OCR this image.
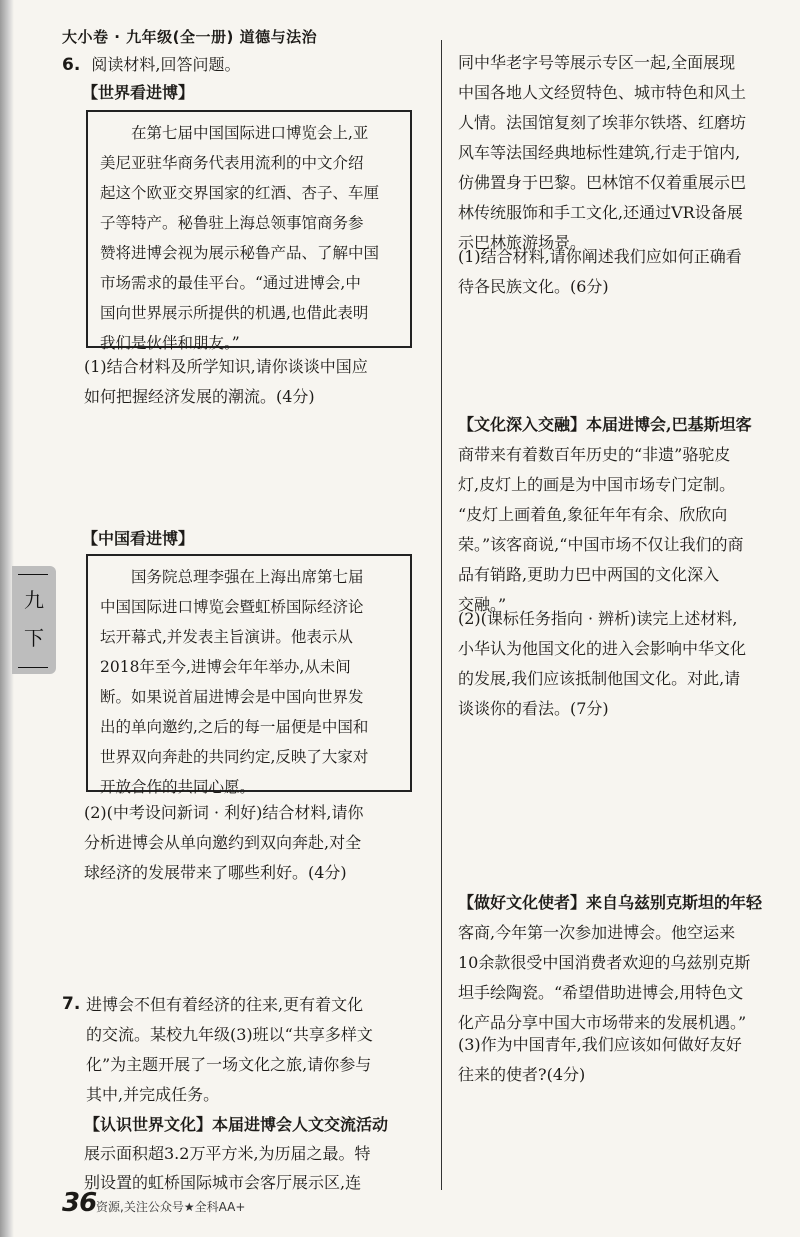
大小卷 · 九年级(全一册) 道德与法治
九
下
6. 阅读材料,回答问题。
【世界看进博】
在第七届中国国际进口博览会上,亚
美尼亚驻华商务代表用流利的中文介绍
起这个欧亚交界国家的红酒、杏子、车厘
子等特产。秘鲁驻上海总领事馆商务参
赞将进博会视为展示秘鲁产品、了解中国
市场需求的最佳平台。“通过进博会,中
国向世界展示所提供的机遇,也借此表明
我们是伙伴和朋友。”
(1)结合材料及所学知识,请你谈谈中国应
如何把握经济发展的潮流。(4分)
【中国看进博】
国务院总理李强在上海出席第七届
中国国际进口博览会暨虹桥国际经济论
坛开幕式,并发表主旨演讲。他表示从
2018年至今,进博会年年举办,从未间
断。如果说首届进博会是中国向世界发
出的单向邀约,之后的每一届便是中国和
世界双向奔赴的共同约定,反映了大家对
开放合作的共同心愿。
(2)(中考设问新词 · 利好)结合材料,请你
分析进博会从单向邀约到双向奔赴,对全
球经济的发展带来了哪些利好。(4分)
7. 进博会不但有着经济的往来,更有着文化
的交流。某校九年级(3)班以“共享多样文
化”为主题开展了一场文化之旅,请你参与
其中,并完成任务。
【认识世界文化】本届进博会人文交流活动
展示面积超3.2万平方米,为历届之最。特
别设置的虹桥国际城市会客厅展示区,连
同中华老字号等展示专区一起,全面展现
中国各地人文经贸特色、城市特色和风土
人情。法国馆复刻了埃菲尔铁塔、红磨坊
风车等法国经典地标性建筑,行走于馆内,
仿佛置身于巴黎。巴林馆不仅着重展示巴
林传统服饰和手工文化,还通过VR设备展
示巴林旅游场景。
(1)结合材料,请你阐述我们应如何正确看
待各民族文化。(6分)
【文化深入交融】本届进博会,巴基斯坦客
商带来有着数百年历史的“非遗”骆驼皮
灯,皮灯上的画是为中国市场专门定制。
“皮灯上画着鱼,象征年年有余、欣欣向
荣。”该客商说,“中国市场不仅让我们的商
品有销路,更助力巴中两国的文化深入
交融。”
(2)(课标任务指向 · 辨析)读完上述材料,
小华认为他国文化的进入会影响中华文化
的发展,我们应该抵制他国文化。对此,请
谈谈你的看法。(7分)
【做好文化使者】来自乌兹别克斯坦的年轻
客商,今年第一次参加进博会。他空运来
10余款很受中国消费者欢迎的乌兹别克斯
坦手绘陶瓷。“希望借助进博会,用特色文
化产品分享中国大市场带来的发展机遇。”
(3)作为中国青年,我们应该如何做好友好
往来的使者?(4分)
36 资源,关注公众号★全科AA+
